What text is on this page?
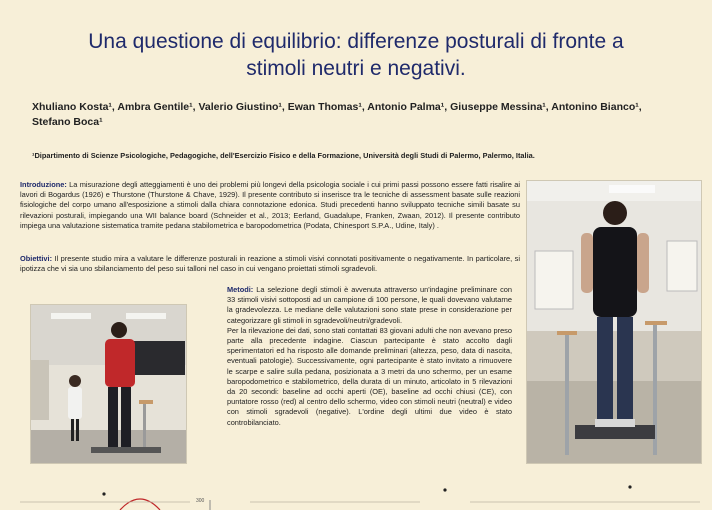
Una questione di equilibrio: differenze posturali di fronte a
stimoli neutri e negativi.
Xhuliano Kosta¹, Ambra Gentile¹, Valerio Giustino¹, Ewan Thomas¹, Antonio Palma¹, Giuseppe Messina¹, Antonino Bianco¹,
Stefano Boca¹
¹Dipartimento di Scienze Psicologiche, Pedagogiche, dell'Esercizio Fisico e della Formazione, Università degli Studi di Palermo, Palermo, Italia.
Introduzione: La misurazione degli atteggiamenti è uno dei problemi più longevi della psicologia sociale i cui primi passi possono essere fatti risalire ai lavori di Bogardus (1926) e Thurstone (Thurstone & Chave, 1929). Il presente contributo si inserisce tra le tecniche di assessment basate sulle reazioni fisiologiche del corpo umano all'esposizione a stimoli dalla chiara connotazione edonica. Studi precedenti hanno sviluppato tecniche simili basate su rilevazioni posturali, impiegando una WII balance board (Schneider et al., 2013; Eerland, Guadalupe, Franken, Zwaan, 2012). Il presente contributo impiega una valutazione sistematica tramite pedana stabilometrica e baropodometrica (Podata, Chinesport S.P.A., Udine, Italy) .
Obiettivi: Il presente studio mira a valutare le differenze posturali in reazione a stimoli visivi connotati positivamente o negativamente. In particolare, si ipotizza che vi sia uno sbilanciamento del peso sui talloni nel caso in cui vengano proiettati stimoli sgradevoli.

Metodi: La selezione degli stimoli è avvenuta attraverso un'indagine preliminare con 33 stimoli visivi sottoposti ad un campione di 100 persone, le quali dovevano valutarne la gradevolezza. Le mediane delle valutazioni sono state prese in considerazione per categorizzare gli stimoli in sgradevoli/neutri/gradevoli.

Per la rilevazione dei dati, sono stati contattati 83 giovani adulti che non avevano preso parte alla precedente indagine. Ciascun partecipante è stato accolto dagli sperimentatori ed ha risposto alle domande preliminari (altezza, peso, data di nascita, eventuali patologie). Successivamente, ogni partecipante è stato invitato a rimuovere le scarpe e salire sulla pedana, posizionata a 3 metri da uno schermo, per un esame baropodometrico e stabilometrico, della durata di un minuto, articolato in 5 rilevazioni da 20 secondi: baseline ad occhi aperti (OE), baseline ad occhi chiusi (CE), con puntatore rosso (red) al centro dello schermo, video con stimoli neutri (neutral) e video con stimoli sgradevoli (negative). L'ordine degli ultimi due video è stato controbilanciato.

300
